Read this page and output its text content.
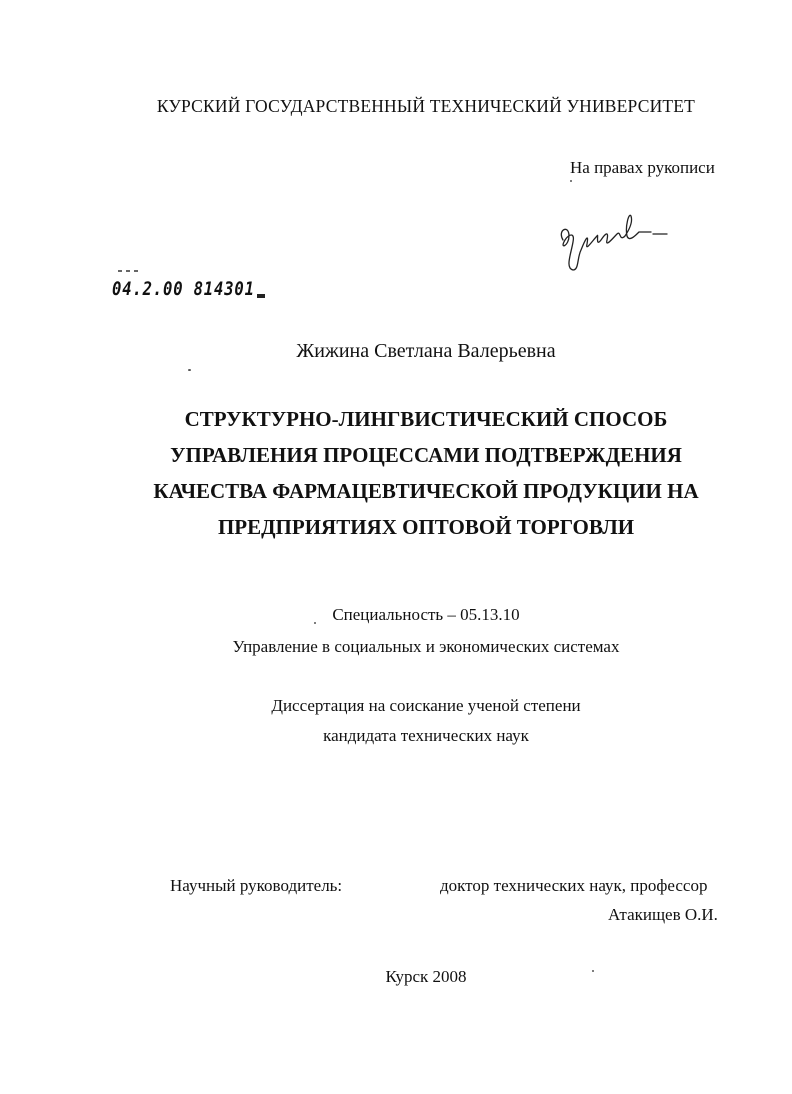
КУРСКИЙ ГОСУДАРСТВЕННЫЙ ТЕХНИЧЕСКИЙ УНИВЕРСИТЕТ
На правах рукописи
04.2.00 814301
Жижина Светлана Валерьевна
СТРУКТУРНО-ЛИНГВИСТИЧЕСКИЙ СПОСОБ
УПРАВЛЕНИЯ ПРОЦЕССАМИ ПОДТВЕРЖДЕНИЯ
КАЧЕСТВА ФАРМАЦЕВТИЧЕСКОЙ ПРОДУКЦИИ НА
ПРЕДПРИЯТИЯХ ОПТОВОЙ ТОРГОВЛИ
Специальность – 05.13.10
Управление в социальных и экономических системах
Диссертация на соискание ученой степени
кандидата технических наук
Научный руководитель:	доктор технических наук, профессор
Атакищев О.И.
Курск 2008
